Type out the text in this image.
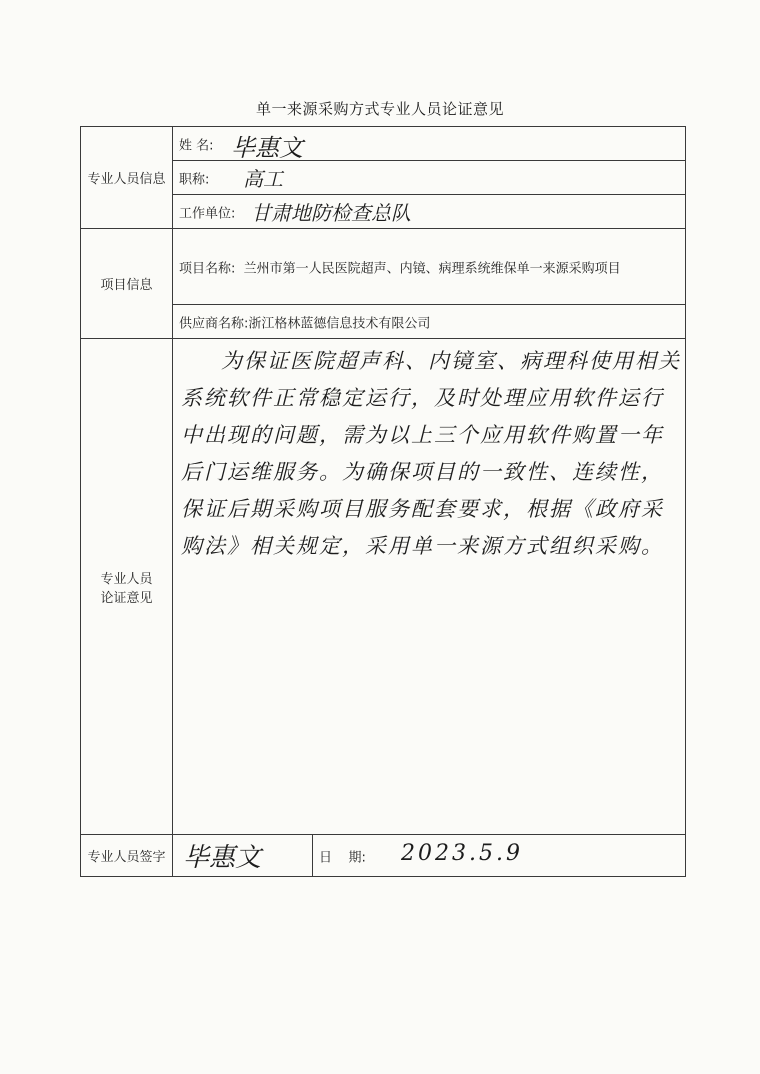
单一来源采购方式专业人员论证意见
专业人员信息	姓 名: 毕惠文	

	职称: 高工	

	工作单位: 甘肃地防检查总队	

项目信息	项目名称: 兰州市第一人民医院超声、内镜、病理系统维保单一来源采购项目	

	供应商名称:浙江格林蓝德信息技术有限公司	

专业人员
论证意见	为保证医院超声科、内镜室、病理科使用相关系统软件正常稳定运行，及时处理应用软件运行中出现的问题，需为以上三个应用软件购置一年后门运维服务。为确保项目的一致性、连续性，保证后期采购项目服务配套要求，根据《政府采购法》相关规定，采用单一来源方式组织采购。	

专业人员签字	毕惠文	日    期: 2023.5.9
